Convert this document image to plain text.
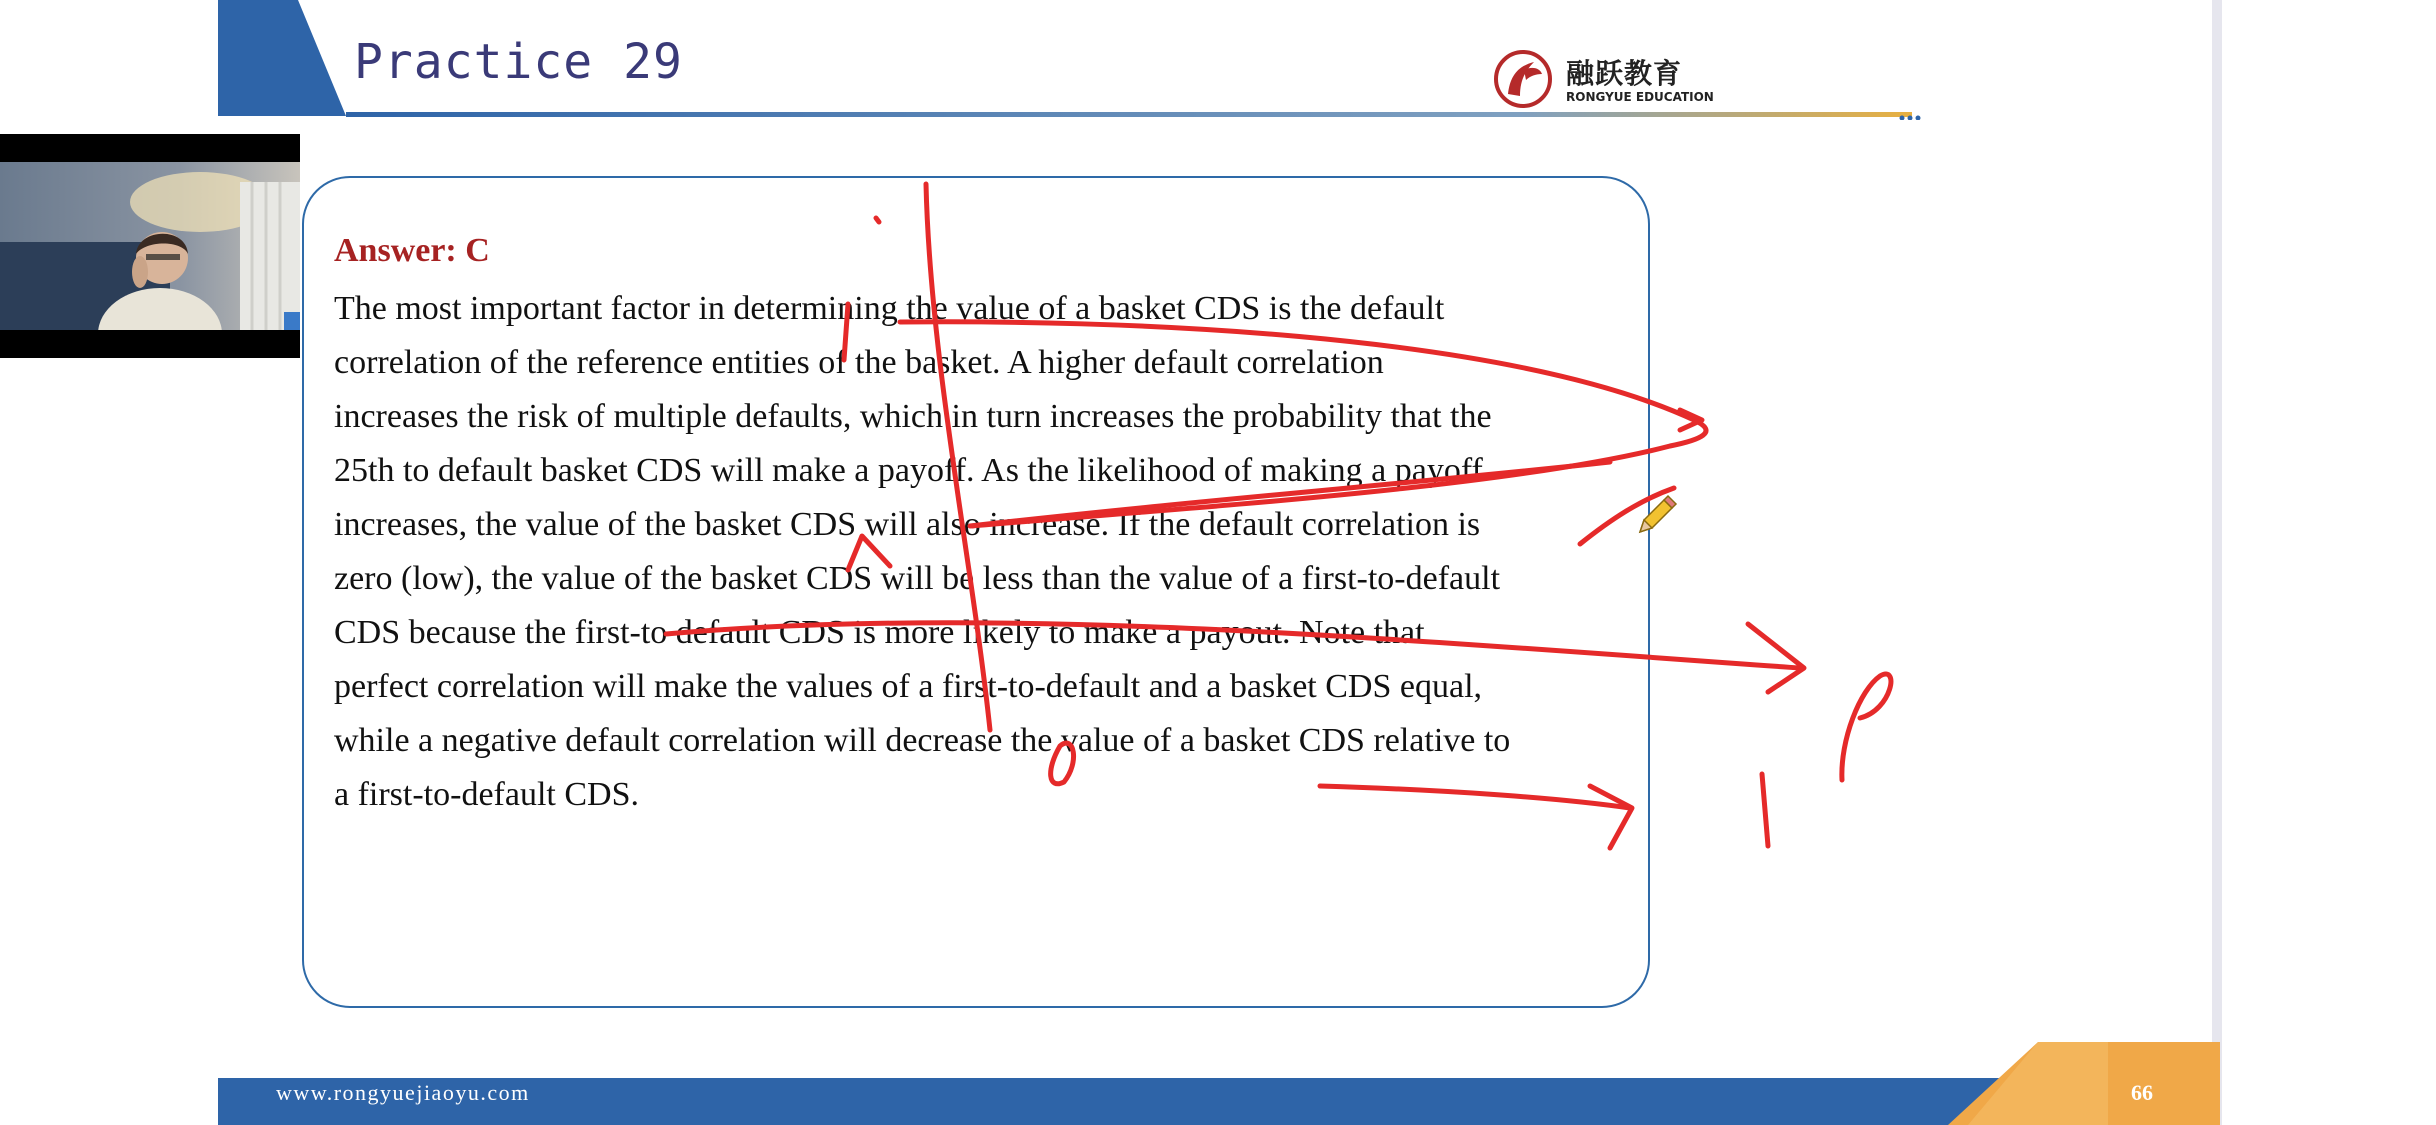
Practice 29	融跃教育
RONGYUE EDUCATION
Answer: C
The most important factor in determining the value of a basket CDS is the default
correlation of the reference entities of the basket. A higher default correlation
increases the risk of multiple defaults, which in turn increases the probability that the
25th to default basket CDS will make a payoff. As the likelihood of making a payoff
increases, the value of the basket CDS will also increase. If the default correlation is
zero (low), the value of the basket CDS will be less than the value of a first-to-default
CDS because the first-to default CDS is more likely to make a payout. Note that
perfect correlation will make the values of a first-to-default and a basket CDS equal,
while a negative default correlation will decrease the value of a basket CDS relative to
a first-to-default CDS.
www.rongyuejiaoyu.com	66
